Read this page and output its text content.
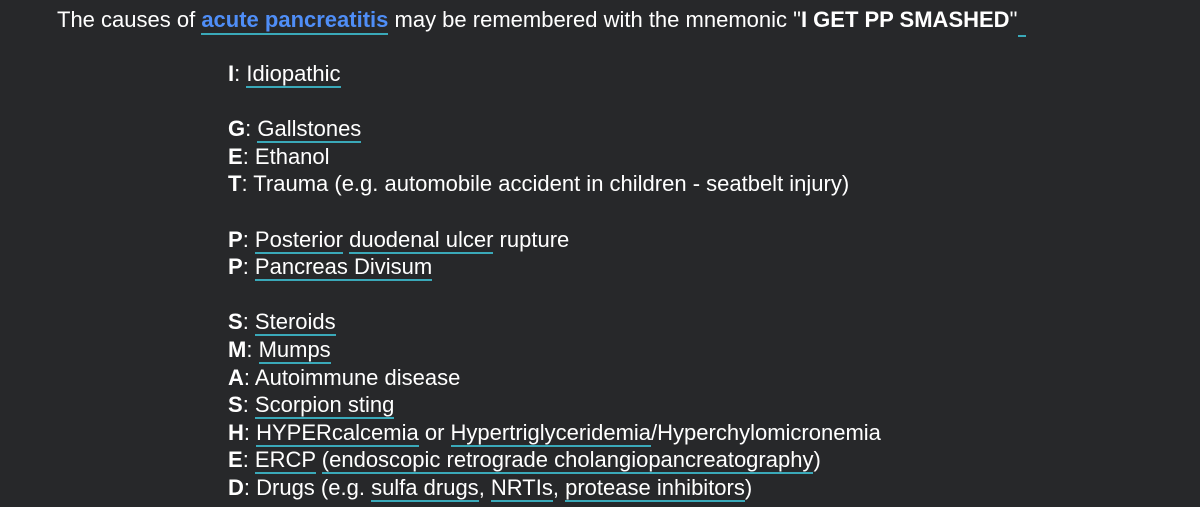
The causes of acute pancreatitis may be remembered with the mnemonic "I GET PP SMASHED"
I: Idiopathic
G: Gallstones
E: Ethanol
T: Trauma (e.g. automobile accident in children - seatbelt injury)
P: Posterior duodenal ulcer rupture
P: Pancreas Divisum
S: Steroids
M: Mumps
A: Autoimmune disease
S: Scorpion sting
H: HYPERcalcemia or Hypertriglyceridemia/Hyperchylomicronemia
E: ERCP (endoscopic retrograde cholangiopancreatography)
D: Drugs (e.g. sulfa drugs, NRTIs, protease inhibitors)
